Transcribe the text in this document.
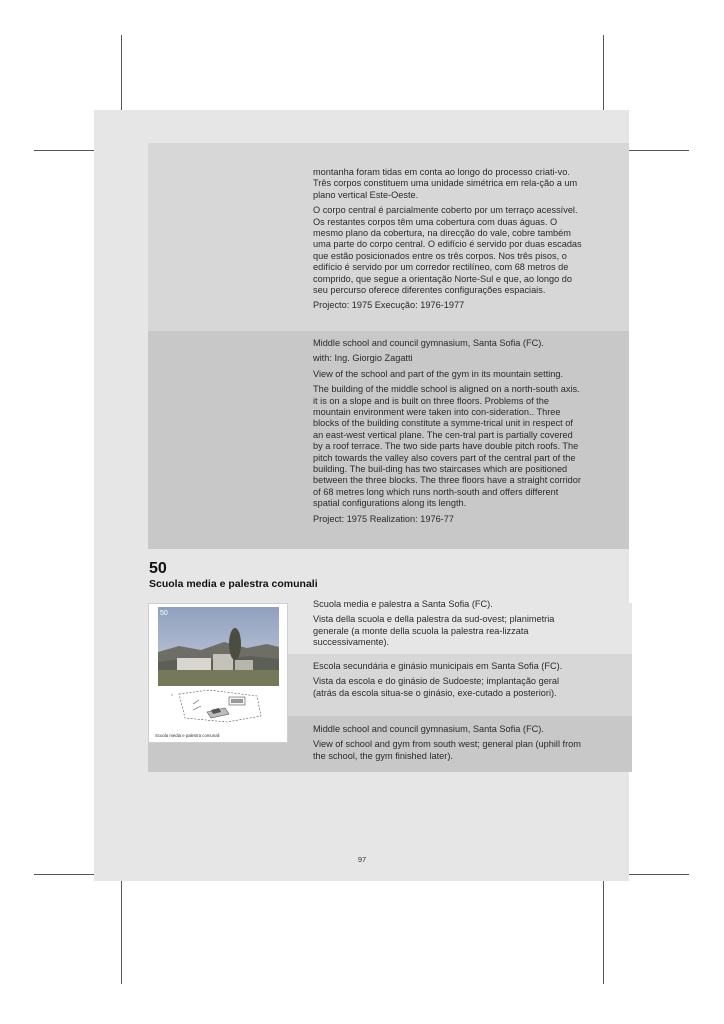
montanha foram tidas em conta ao longo do processo criati-vo. Três corpos constituem uma unidade simétrica em rela-ção a um plano vertical Este-Oeste.

O corpo central é parcialmente coberto por um terraço acessível. Os restantes corpos têm uma cobertura com duas águas. O mesmo plano da cobertura, na direcção do vale, cobre também uma parte do corpo central. O edifício é servido por duas escadas que estão posicionados entre os três corpos. Nos três pisos, o edifício é servido por um corredor rectilíneo, com 68 metros de comprido, que segue a orientação Norte-Sul e que, ao longo do seu percurso oferece diferentes configurações espaciais.

Projecto: 1975 Execução: 1976-1977

Middle school and council gymnasium, Santa Sofia (FC).

with: Ing. Giorgio Zagatti

View of the school and part of the gym in its mountain setting.

The building of the middle school is aligned on a north-south axis. it is on a slope and is built on three floors. Problems of the mountain environment were taken into con-sideration.. Three blocks of the building constitute a symme-trical unit in respect of an east-west vertical plane. The cen-tral part is partially covered by a roof terrace. The two side parts have double pitch roofs. The pitch towards the valley also covers part of the central part of the building. The buil-ding has two staircases which are positioned between the three blocks. The three floors have a straight corridor of 68 metres long which runs north-south and offers different spatial configurations along its length.

Project: 1975 Realization: 1976-77

50
Scuola media e palestra comunali
50
N
Scuola media e palestra comunali

Scuola media e palestra a Santa Sofia (FC).

Vista della scuola e della palestra da sud-ovest; planimetria generale (a monte della scuola la palestra rea-lizzata successivamente).

Escola secundária e ginásio municipais em Santa Sofia (FC).

Vista da escola e do ginásio de Sudoeste; implantação geral (atrás da escola situa-se o ginásio, exe-cutado a posteriori).

Middle school and council gymnasium, Santa Sofia (FC).

View of school and gym from south west; general plan (uphill from the school, the gym finished later).

97
